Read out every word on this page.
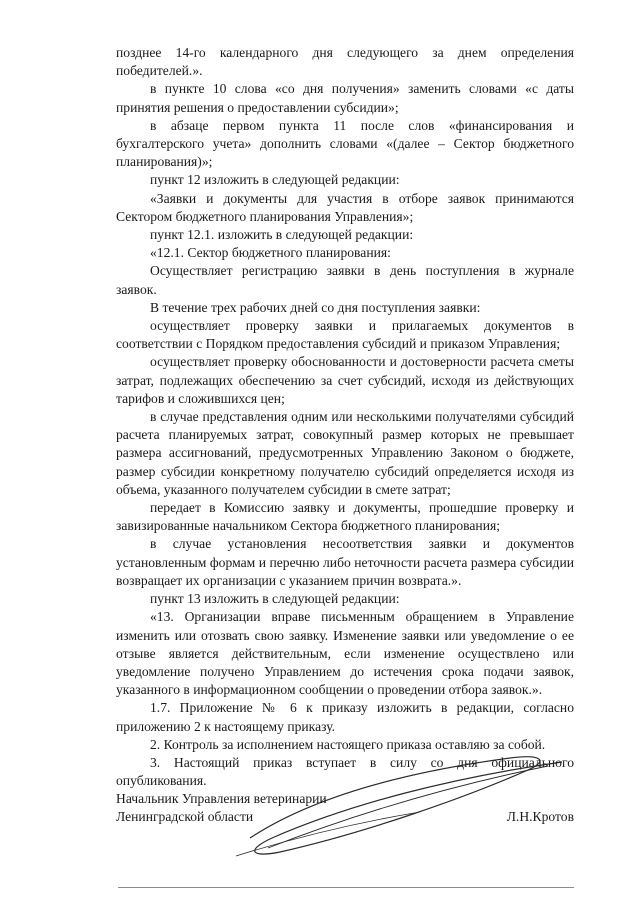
позднее 14-го календарного дня следующего за днем определения победителей.».

в пункте 10 слова «со дня получения» заменить словами «с даты принятия решения о предоставлении субсидии»;

в абзаце первом пункта 11 после слов «финансирования и бухгалтерского учета» дополнить словами «(далее – Сектор бюджетного планирования)»;

пункт 12 изложить в следующей редакции:

«Заявки и документы для участия в отборе заявок принимаются Сектором бюджетного планирования Управления»;

пункт 12.1. изложить в следующей редакции:

«12.1. Сектор бюджетного планирования:

Осуществляет регистрацию заявки в день поступления в журнале заявок.

В течение трех рабочих дней со дня поступления заявки:

осуществляет проверку заявки и прилагаемых документов в соответствии с Порядком предоставления субсидий и приказом Управления;

осуществляет проверку обоснованности и достоверности расчета сметы затрат, подлежащих обеспечению за счет субсидий, исходя из действующих тарифов и сложившихся цен;

в случае представления одним или несколькими получателями субсидий расчета планируемых затрат, совокупный размер которых не превышает размера ассигнований, предусмотренных Управлению Законом о бюджете, размер субсидии конкретному получателю субсидий определяется исходя из объема, указанного получателем субсидии в смете затрат;

передает в Комиссию заявку и документы, прошедшие проверку и завизированные начальником Сектора бюджетного планирования;

в случае установления несоответствия заявки и документов установленным формам и перечню либо неточности расчета размера субсидии возвращает их организации с указанием причин возврата.».

пункт 13 изложить в следующей редакции:

«13. Организации вправе письменным обращением в Управление изменить или отозвать свою заявку. Изменение заявки или уведомление о ее отзыве является действительным, если изменение осуществлено или уведомление получено Управлением до истечения срока подачи заявок, указанного в информационном сообщении о проведении отбора заявок.».

1.7. Приложение № 6 к приказу изложить в редакции, согласно приложению 2 к настоящему приказу.

2. Контроль за исполнением настоящего приказа оставляю за собой.

3. Настоящий приказ вступает в силу со дня официального опубликования.

Начальник Управления ветеринарии
Ленинградской области	Л.Н.Кротов
